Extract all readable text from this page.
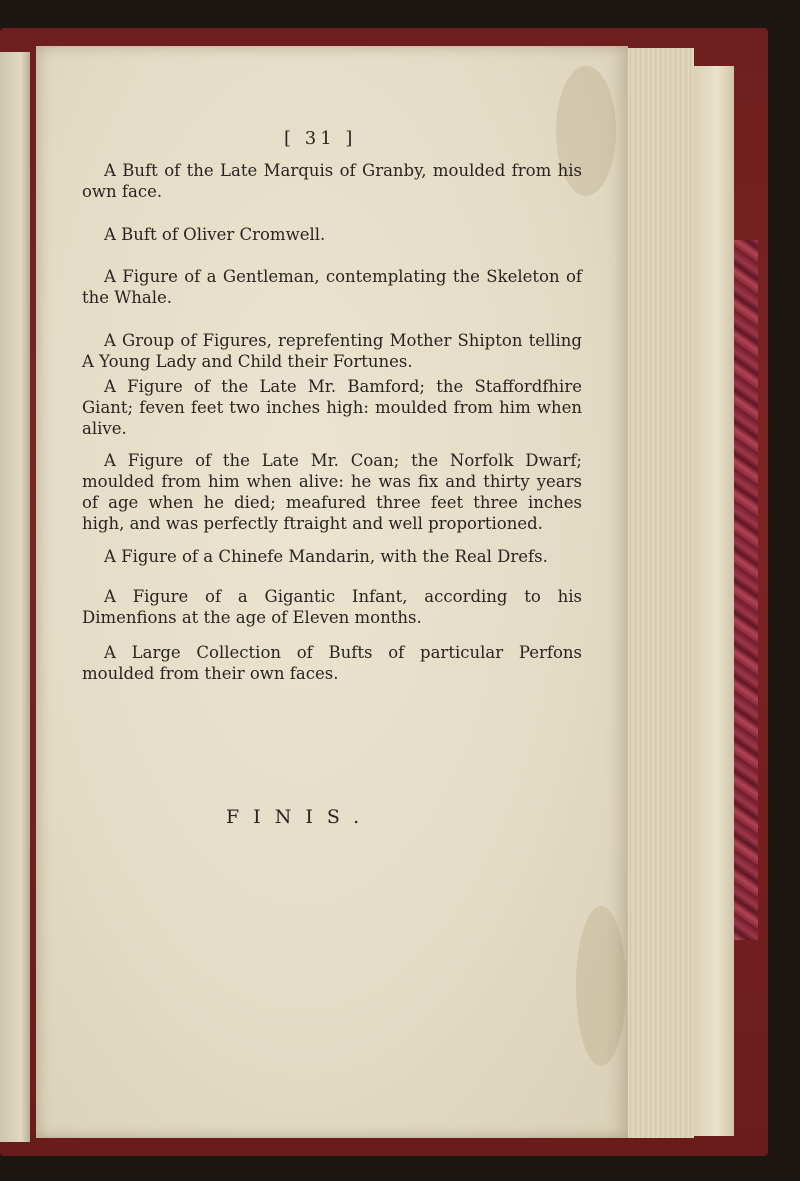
[ 31 ]

A Buft of the Late Marquis of Granby, moulded from his own face.

A Buft of Oliver Cromwell.

A Figure of a Gentleman, contemplating the Skeleton of the Whale.

A Group of Figures, reprefenting Mother Shipton telling A Young Lady and Child their Fortunes.

A Figure of the Late Mr. Bamford; the Staffordfhire Giant; feven feet two inches high: moulded from him when alive.

A Figure of the Late Mr. Coan; the Norfolk Dwarf; moulded from him when alive: he was fix and thirty years of age when he died; meafured three feet three inches high, and was perfectly ftraight and well proportioned.

A Figure of a Chinefe Mandarin, with the Real Drefs.

A Figure of a Gigantic Infant, according to his Dimenfions at the age of Eleven months.

A Large Collection of Bufts of particular Perfons moulded from their own faces.

FINIS.
